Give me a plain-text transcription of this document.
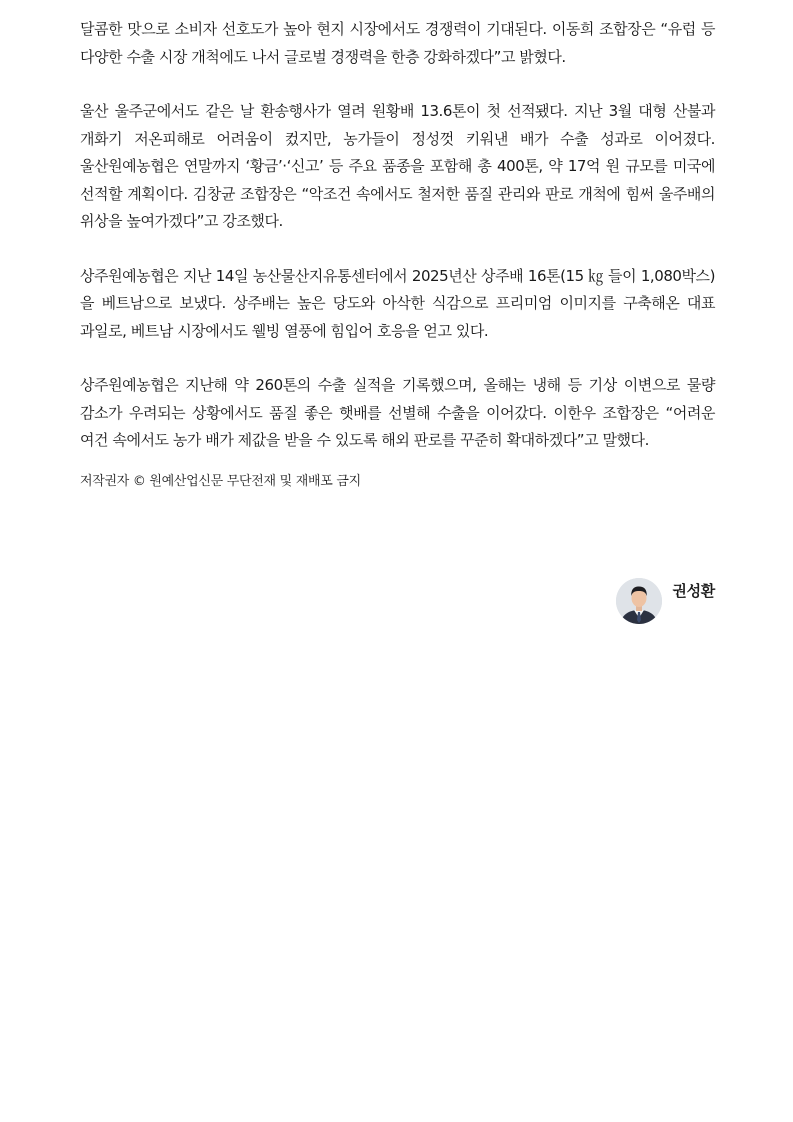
달콤한 맛으로 소비자 선호도가 높아 현지 시장에서도 경쟁력이 기대된다. 이동희 조합장은 “유럽 등 다양한 수출 시장 개척에도 나서 글로벌 경쟁력을 한층 강화하겠다”고 밝혔다.

울산 울주군에서도 같은 날 환송행사가 열려 원황배 13.6톤이 첫 선적됐다. 지난 3월 대형 산불과 개화기 저온피해로 어려움이 컸지만, 농가들이 정성껏 키워낸 배가 수출 성과로 이어졌다. 울산원예농협은 연말까지 ‘황금’·‘신고’ 등 주요 품종을 포함해 총 400톤, 약 17억 원 규모를 미국에 선적할 계획이다. 김창균 조합장은 “악조건 속에서도 철저한 품질 관리와 판로 개척에 힘써 울주배의 위상을 높여가겠다”고 강조했다.

상주원예농협은 지난 14일 농산물산지유통센터에서 2025년산 상주배 16톤(15 ㎏ 들이 1,080박스)을 베트남으로 보냈다. 상주배는 높은 당도와 아삭한 식감으로 프리미엄 이미지를 구축해온 대표 과일로, 베트남 시장에서도 웰빙 열풍에 힘입어 호응을 얻고 있다.

상주원예농협은 지난해 약 260톤의 수출 실적을 기록했으며, 올해는 냉해 등 기상 이변으로 물량 감소가 우려되는 상황에서도 품질 좋은 햇배를 선별해 수출을 이어갔다. 이한우 조합장은 “어려운 여건 속에서도 농가 배가 제값을 받을 수 있도록 해외 판로를 꾸준히 확대하겠다”고 말했다.

저작권자 © 원예산업신문 무단전재 및 재배포 금지

권성환
